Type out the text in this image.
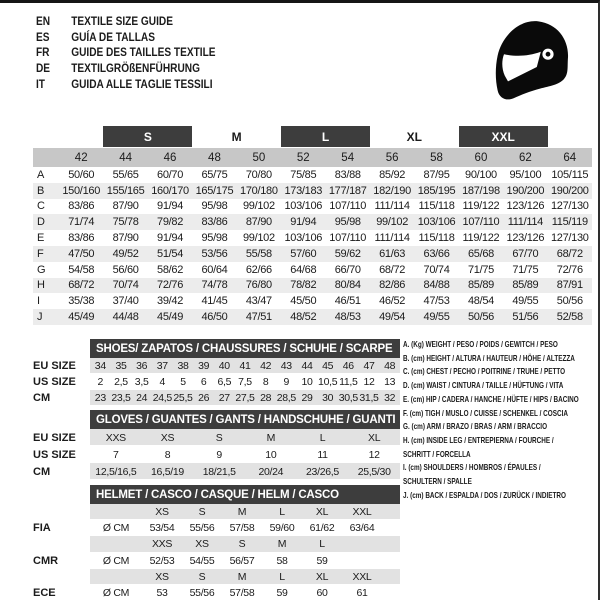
EN	TEXTILE SIZE GUIDE
ES	GUÍA DE TALLAS
FR	GUIDE DES TAILLES TEXTILE
DE	TEXTILGRÖßENFÜHRUNG
IT	GUIDA ALLE TAGLIE TESSILI
S	M	L	XL	XXL
42	44	46	48	50	52	54	56	58	60	62	64
A	50/60	55/65	60/70	65/75	70/80	75/85	83/88	85/92	87/95	90/100	95/100 105/115
B	150/160 155/165 160/170 165/175 170/180 173/183 177/187 182/190 185/195 187/198 190/200 190/200
C	83/86	87/90	91/94	95/98	99/102 103/106 107/110 111/114 115/118 119/122 123/126 127/130
D	71/74	75/78	79/82	83/86	87/90	91/94	95/98	99/102 103/106 107/110 111/114 115/119
E	83/86	87/90	91/94	95/98	99/102 103/106 107/110 111/114 115/118 119/122 123/126 127/130
F	47/50	49/52	51/54	53/56	55/58	57/60	59/62	61/63	63/66	65/68	67/70	68/72
G	54/58	56/60	58/62	60/64	62/66	64/68	66/70	68/72	70/74	71/75	71/75	72/76
H	68/72	70/74	72/76	74/78	76/80	78/82	80/84	82/86	84/88	85/89	85/89	87/91
I	35/38	37/40	39/42	41/45	43/47	45/50	46/51	46/52	47/53	48/54	49/55	50/56
J	45/49	44/48	45/49	46/50	47/51	48/52	48/53	49/54	49/55	50/56	51/56	52/58
SHOES/ ZAPATOS / CHAUSSURES / SCHUHE / SCARPE
EU SIZE	34 35 36 37 38 39 40 41 42 43 44 45 46 47 48
US SIZE	2	2,5 3,5	4	5	6	6,5 7,5	8	9	10 10,5 11,5 12 13
CM	23 23,5 24 24,5 25,5 26 27 27,5 28 28,5 29 30 30,5 31,5 32
GLOVES / GUANTES / GANTS / HANDSCHUHE / GUANTI
EU SIZE	XXS	XS	S	M	L	XL
US SIZE	7	8	9	10	11	12
CM	12,5/16,5	16,5/19	18/21,5	20/24	23/26,5	25,5/30
HELMET / CASCO / CASQUE / HELM / CASCO
XS	S	M	L	XL	XXL
FIA	Ø CM	53/54	55/56	57/58	59/60	61/62	63/64
XXS	XS	S	M	L
CMR	Ø CM	52/53	54/55	56/57	58	59
XS	S	M	L	XL	XXL
ECE	Ø CM	53	55/56	57/58	59	60	61
A. (Kg) WEIGHT / PESO / POIDS / GEWITCH / PESO
B. (cm) HEIGHT / ALTURA / HAUTEUR / HÖHE / ALTEZZA
C. (cm) CHEST / PECHO / POITRINE / TRUHE / PETTO
D. (cm) WAIST / CINTURA / TAILLE / HÜFTUNG / VITA
E. (cm) HIP / CADERA / HANCHE / HÜFTE / HIPS / BACINO
F. (cm) TIGH / MUSLO / CUISSE / SCHENKEL / COSCIA
G. (cm) ARM / BRAZO / BRAS / ARM / BRACCIO
H. (cm) INSIDE LEG / ENTREPIERNA / FOURCHE /
SCHRITT / FORCELLA
I. (cm) SHOULDERS / HOMBROS / ÉPAULES /
SCHULTERN / SPALLE
J. (cm) BACK / ESPALDA / DOS / ZURÜCK / INDIETRO
